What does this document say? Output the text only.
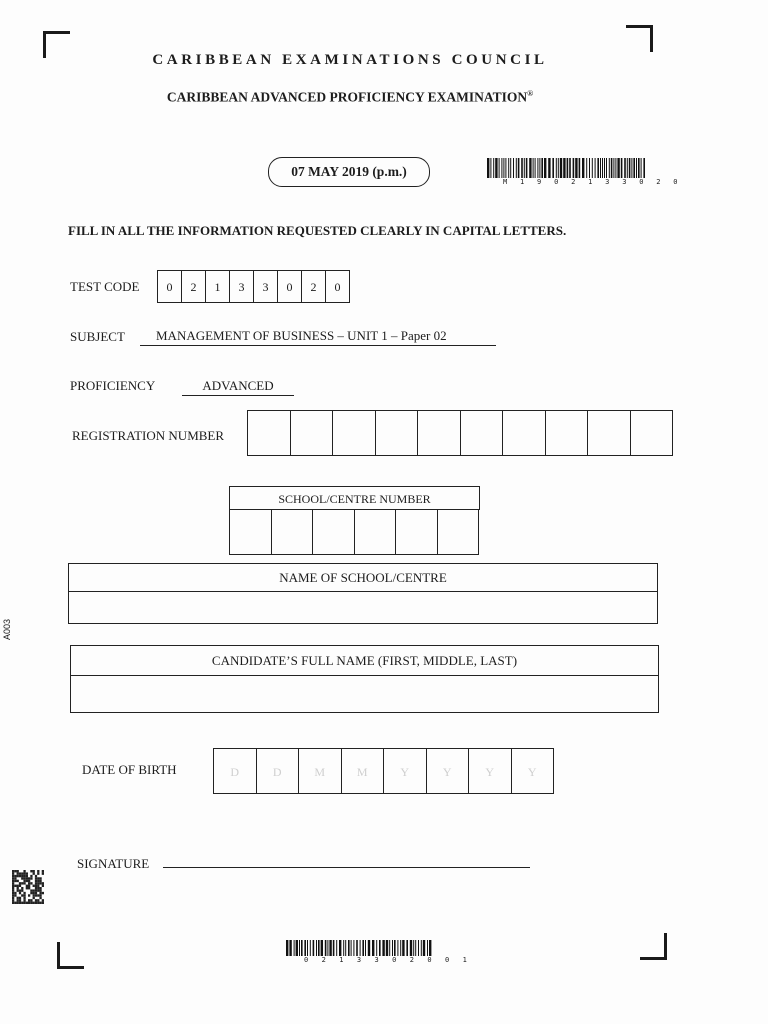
CARIBBEAN EXAMINATIONS COUNCIL
CARIBBEAN ADVANCED PROFICIENCY EXAMINATION®
07 MAY 2019 (p.m.)
M 1 9 0 2 1 3 3 0 2 0
FILL IN ALL THE INFORMATION REQUESTED CLEARLY IN CAPITAL LETTERS.
TEST CODE	0	2	1	3	3	0	2	0
SUBJECT	MANAGEMENT OF BUSINESS – UNIT 1 – Paper 02
PROFICIENCY	ADVANCED
REGISTRATION NUMBER
SCHOOL/CENTRE NUMBER
NAME OF SCHOOL/CENTRE
CANDIDATE’S FULL NAME (FIRST, MIDDLE, LAST)
DATE OF BIRTH	D	D	M	M	Y	Y	Y	Y
SIGNATURE
A003
0 2 1 3 3 0 2 0 0 1
